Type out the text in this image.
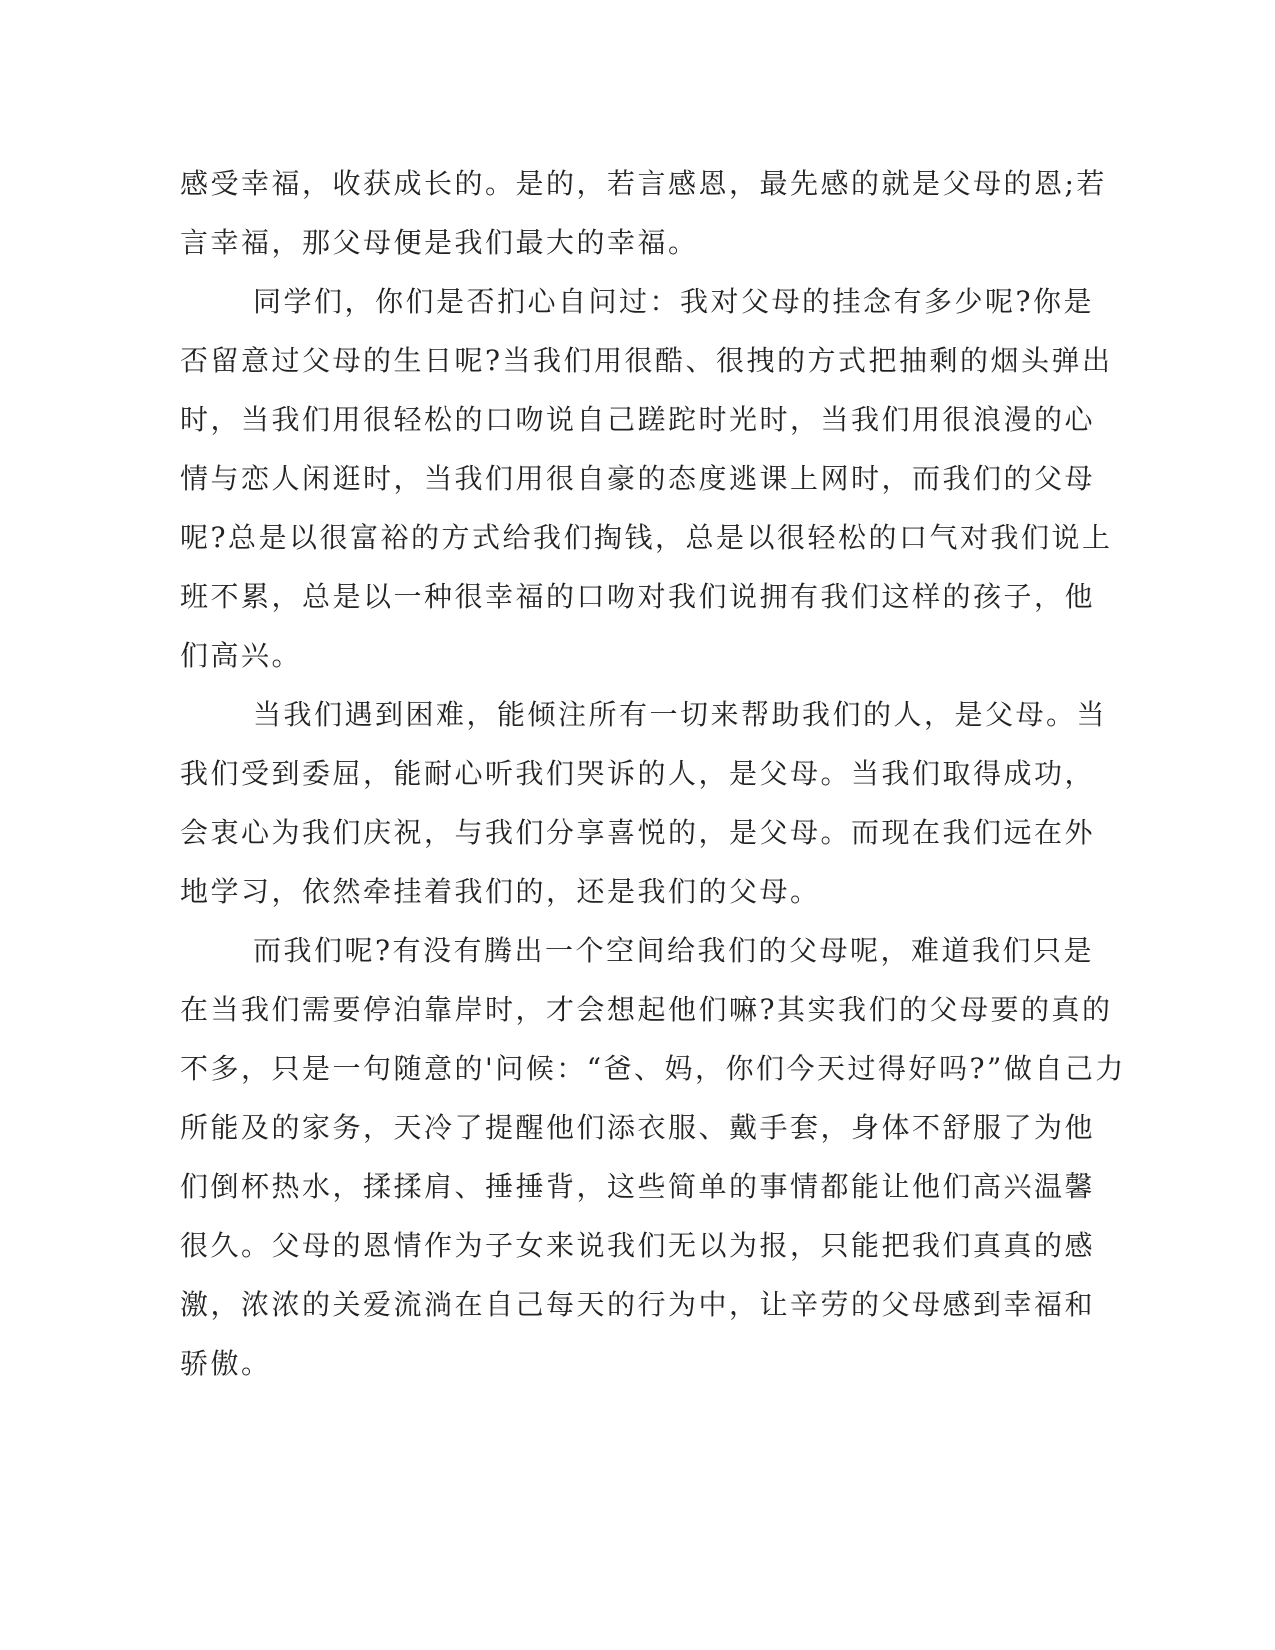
感受幸福，收获成长的。是的，若言感恩，最先感的就是父母的恩;若
言幸福，那父母便是我们最大的幸福。
同学们，你们是否扪心自问过：我对父母的挂念有多少呢?你是
否留意过父母的生日呢?当我们用很酷、很拽的方式把抽剩的烟头弹出
时，当我们用很轻松的口吻说自己蹉跎时光时，当我们用很浪漫的心
情与恋人闲逛时，当我们用很自豪的态度逃课上网时，而我们的父母
呢?总是以很富裕的方式给我们掏钱，总是以很轻松的口气对我们说上
班不累，总是以一种很幸福的口吻对我们说拥有我们这样的孩子，他
们高兴。
当我们遇到困难，能倾注所有一切来帮助我们的人，是父母。当
我们受到委屈，能耐心听我们哭诉的人，是父母。当我们取得成功，
会衷心为我们庆祝，与我们分享喜悦的，是父母。而现在我们远在外
地学习，依然牵挂着我们的，还是我们的父母。
而我们呢?有没有腾出一个空间给我们的父母呢，难道我们只是
在当我们需要停泊靠岸时，才会想起他们嘛?其实我们的父母要的真的
不多，只是一句随意的'问候：“爸、妈，你们今天过得好吗?”做自己力
所能及的家务，天冷了提醒他们添衣服、戴手套，身体不舒服了为他
们倒杯热水，揉揉肩、捶捶背，这些简单的事情都能让他们高兴温馨
很久。父母的恩情作为子女来说我们无以为报，只能把我们真真的感
激，浓浓的关爱流淌在自己每天的行为中，让辛劳的父母感到幸福和
骄傲。
